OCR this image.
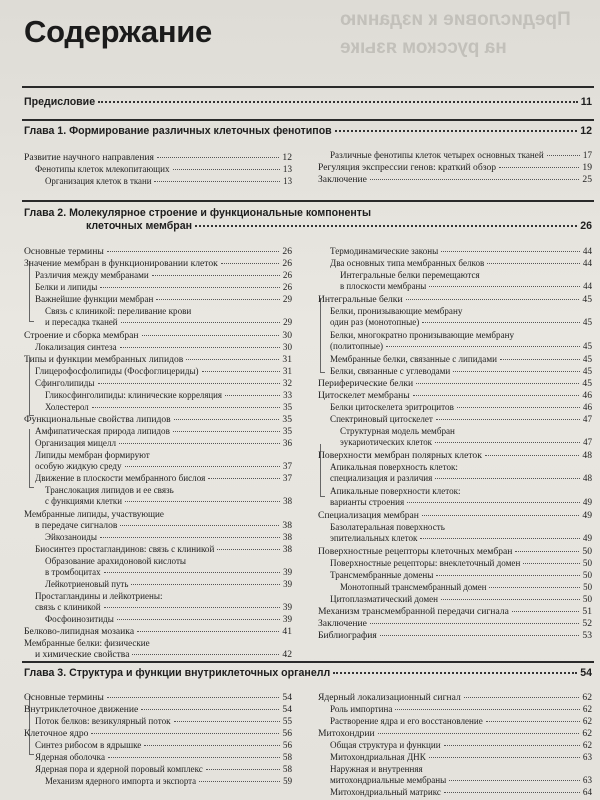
Предисловие к изданию
на русском языке
Содержание
Предисловие	11
Глава 1. Формирование различных клеточных фенотипов	12
Развитие научного направления	12
Фенотипы клеток млекопитающих	13
Организация клеток в ткани	13
Различные фенотипы клеток четырех основных тканей	17
Регуляция экспрессии генов: краткий обзор	19
Заключение	25
Глава 2. Молекулярное строение и функциональные компоненты
клеточных мембран	26
Основные термины	26
Значение мембран в функционировании клеток	26
Различия между мембранами	26
Белки и липиды	26
Важнейшие функции мембран	29
Связь с клиникой: переливание крови
и пересадка тканей	29
Строение и сборка мембран	30
Локализация синтеза	30
Типы и функции мембранных липидов	31
Глицерофосфолипиды (Фосфоглицериды)	31
Сфинголипиды	32
Гликосфинголипиды: клинические корреляция	33
Холестерол	35
Функциональные свойства липидов	35
Амфипатическая природа липидов	35
Организация мицелл	36
Липиды мембран формируют
особую жидкую среду	37
Движение в плоскости мембранного бислоя	37
Транслокация липидов и ее связь
с функциями клетки	38
Мембранные липиды, участвующие
в передаче сигналов	38
Эйкозаноиды	38
Биосинтез простагландинов: связь с клиникой	38
Образование арахидоновой кислоты
в тромбоцитах	39
Лейкотриеновый путь	39
Простагландины и лейкотриены:
связь с клиникой	39
Фосфоинозитиды	39
Белково-липидная мозаика	41
Мембранные белки: физические
и химические свойства	42
Термодинамические законы	44
Два основных типа мембранных белков	44
Интегральные белки перемещаются
в плоскости мембраны	44
Интегральные белки	45
Белки, пронизывающие мембрану
один раз (монотопные)	45
Белки, многократно пронизывающие мембрану
(политопные)	45
Мембранные белки, связанные с липидами	45
Белки, связанные с углеводами	45
Периферические белки	45
Цитоскелет мембраны	46
Белки цитоскелета эритроцитов	46
Спектриновый цитоскелет	47
Структурная модель мембран
эукариотических клеток	47
Поверхности мембран полярных клеток	48
Апикальная поверхность клеток:
специализация и различия	48
Апикальные поверхности клеток:
варианты строения	49
Специализация мембран	49
Базолатеральная поверхность
эпителиальных клеток	49
Поверхностные рецепторы клеточных мембран	50
Поверхностные рецепторы: внеклеточный домен	50
Трансмембранные домены	50
Монотопный трансмембранный домен	50
Цитоплазматический домен	50
Механизм трансмембранной передачи сигнала	51
Заключение	52
Библиография	53
Глава 3. Структура и функции внутриклеточных органелл	54
Основные термины	54
Внутриклеточное движение	54
Поток белков: везикулярный поток	55
Клеточное ядро	56
Синтез рибосом в ядрышке	56
Ядерная оболочка	58
Ядерная пора и ядерной поровый комплекс	58
Механизм ядерного импорта и экспорта	59
Ядерный локализационный сигнал	62
Роль импортина	62
Растворение ядра и его восстановление	62
Митохондрии	62
Общая структура и функции	62
Митохондриальная ДНК	63
Наружная и внутренняя
митохондриальные мембраны	63
Митохондриальный матрикс	64
